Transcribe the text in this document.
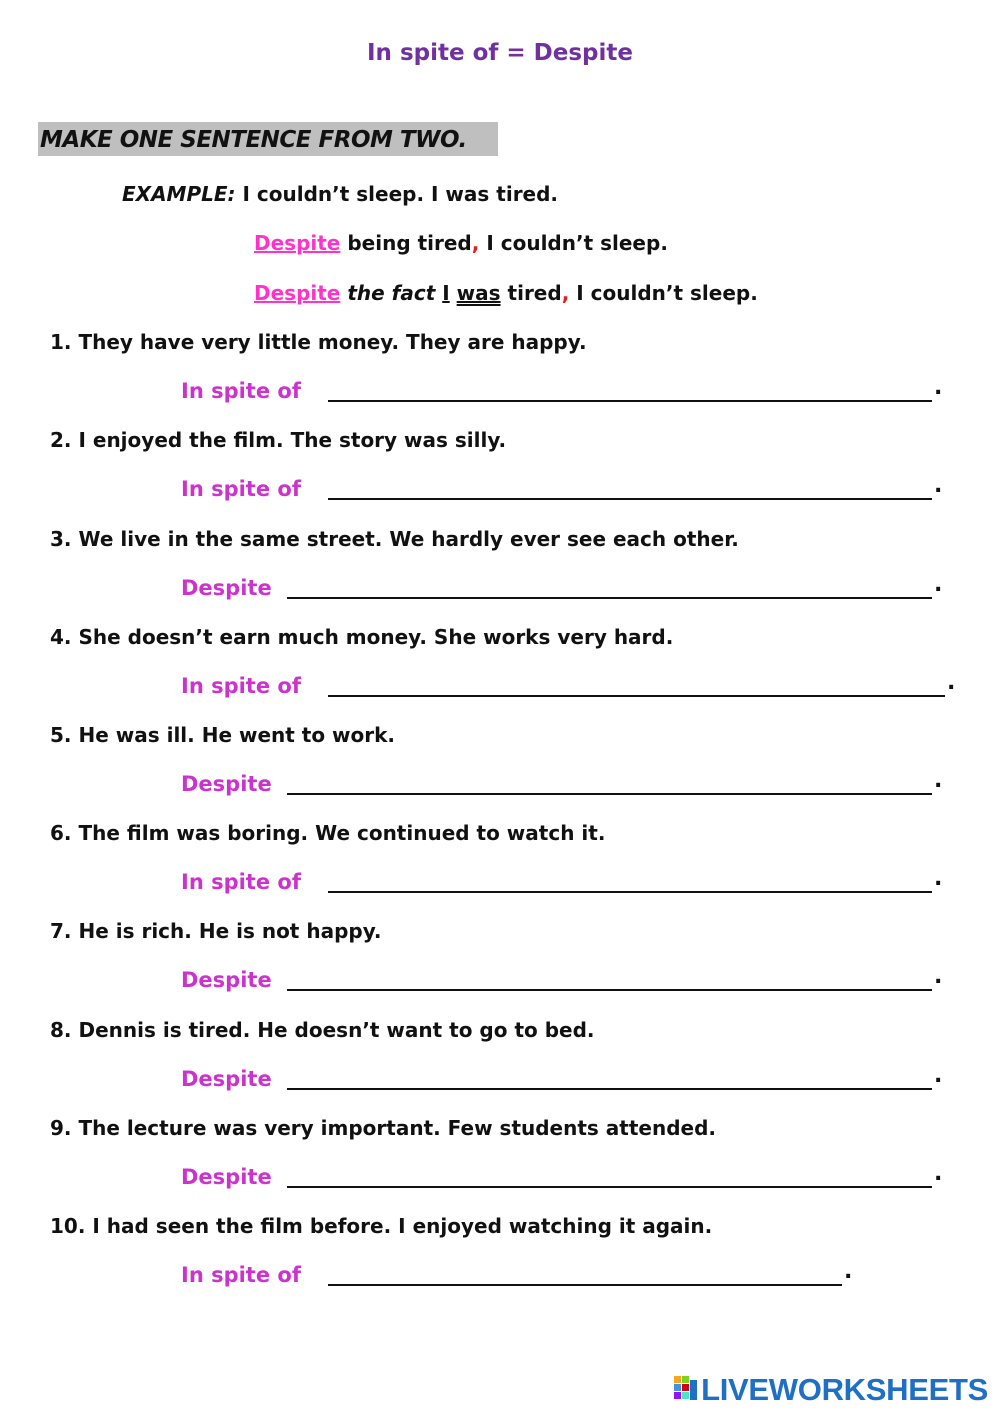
In spite of = Despite
MAKE ONE SENTENCE FROM TWO.
EXAMPLE: I couldn’t sleep. I was tired.
Despite being tired, I couldn’t sleep.
Despite the fact I was tired, I couldn’t sleep.
1. They have very little money. They are happy.
In spite of	.
2. I enjoyed the film. The story was silly.
In spite of	.
3. We live in the same street. We hardly ever see each other.
Despite	.
4. She doesn’t earn much money. She works very hard.
In spite of	.
5. He was ill. He went to work.
Despite	.
6. The film was boring. We continued to watch it.
In spite of	.
7. He is rich. He is not happy.
Despite	.
8. Dennis is tired. He doesn’t want to go to bed.
Despite	.
9. The lecture was very important. Few students attended.
Despite	.
10. I had seen the film before. I enjoyed watching it again.
In spite of	.
LIVEWORKSHEETS
